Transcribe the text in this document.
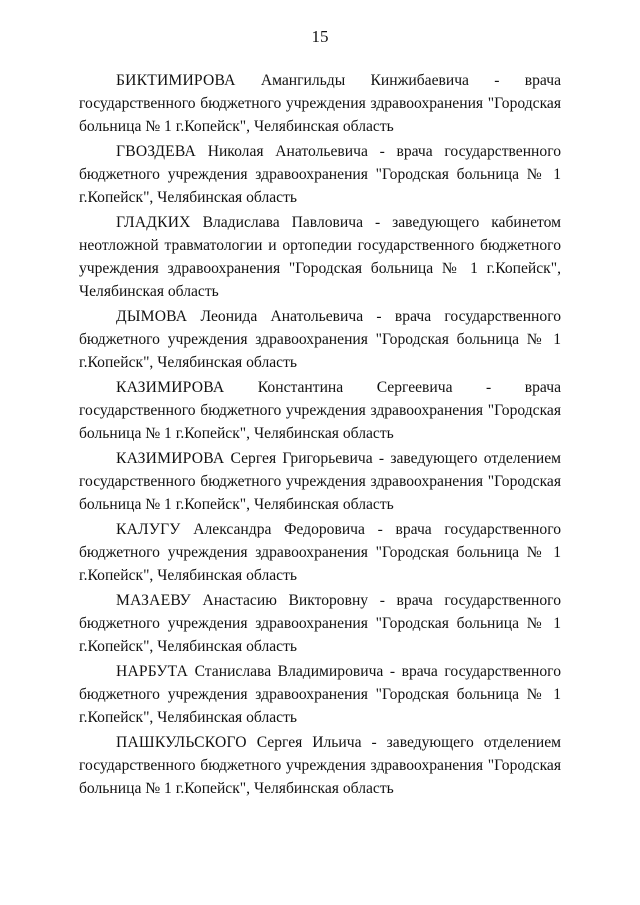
15

БИКТИМИРОВА Амангильды Кинжибаевича - врача государственного бюджетного учреждения здравоохранения "Городская больница № 1 г.Копейск", Челябинская область

ГВОЗДЕВА Николая Анатольевича - врача государственного бюджетного учреждения здравоохранения "Городская больница № 1 г.Копейск", Челябинская область

ГЛАДКИХ Владислава Павловича - заведующего кабинетом неотложной травматологии и ортопедии государственного бюджетного учреждения здравоохранения "Городская больница № 1 г.Копейск", Челябинская область

ДЫМОВА Леонида Анатольевича - врача государственного бюджетного учреждения здравоохранения "Городская больница № 1 г.Копейск", Челябинская область

КАЗИМИРОВА Константина Сергеевича - врача государственного бюджетного учреждения здравоохранения "Городская больница № 1 г.Копейск", Челябинская область

КАЗИМИРОВА Сергея Григорьевича - заведующего отделением государственного бюджетного учреждения здравоохранения "Городская больница № 1 г.Копейск", Челябинская область

КАЛУГУ Александра Федоровича - врача государственного бюджетного учреждения здравоохранения "Городская больница № 1 г.Копейск", Челябинская область

МАЗАЕВУ Анастасию Викторовну - врача государственного бюджетного учреждения здравоохранения "Городская больница № 1 г.Копейск", Челябинская область

НАРБУТА Станислава Владимировича - врача государственного бюджетного учреждения здравоохранения "Городская больница № 1 г.Копейск", Челябинская область

ПАШКУЛЬСКОГО Сергея Ильича - заведующего отделением государственного бюджетного учреждения здравоохранения "Городская больница № 1 г.Копейск", Челябинская область
